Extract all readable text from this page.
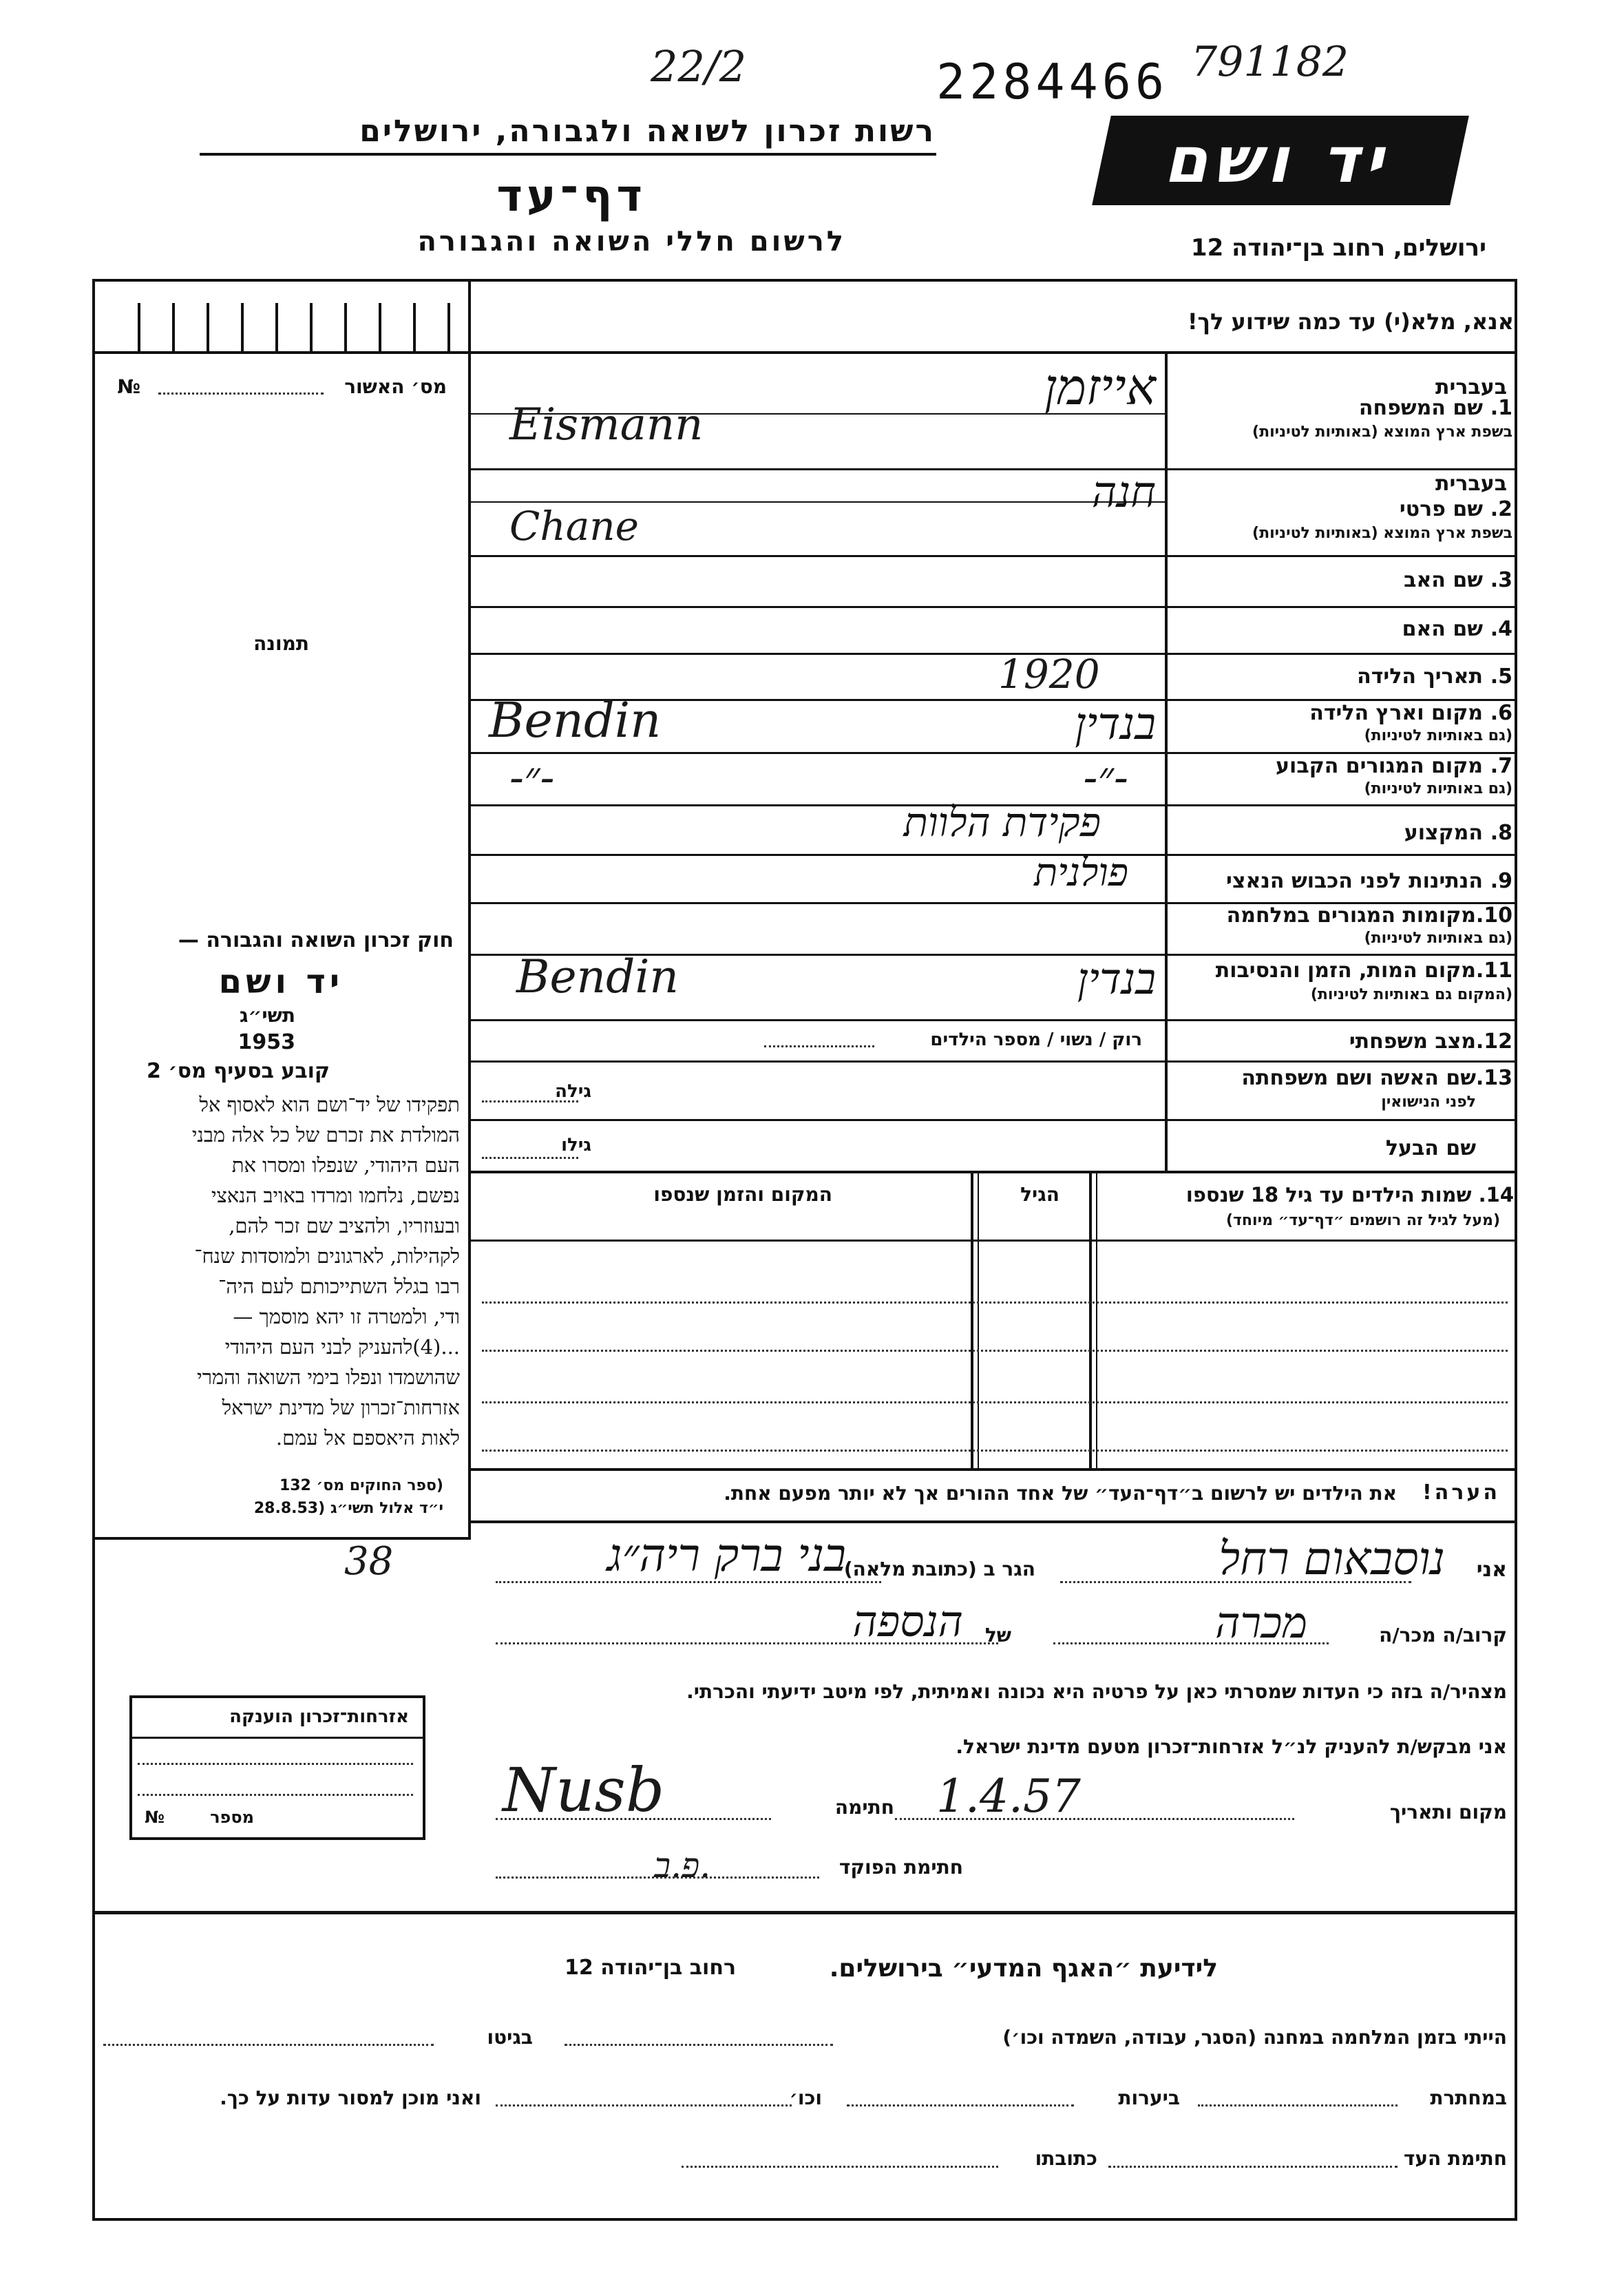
22/2	2284466 791182
רשות זכרון לשואה ולגבורה, ירושלים
דף־עד
לרשום חללי השואה והגבורה
יד ושם
ירושלים, רחוב בן־יהודה 12
אנא, מלא(י) עד כמה שידוע לך!
מס׳ האשור
№
תמונה
חוק זכרון השואה והגבורה —
יד ושם
תשי״ג
1953
קובע בסעיף מס׳ 2
תפקידו של יד־ושם הוא לאסוף אל
המולדת את זכרם של כל אלה מבני
העם היהודי, שנפלו ומסרו את
נפשם, נלחמו ומרדו באויב הנאצי
ובעוזריו, ולהציב שם זכר להם,
לקהילות, לארגונים ולמוסדות שנח־
רבו בגלל השתייכותם לעם היה־
ודי, ולמטרה זו יהא מוסמך —
...(4)להעניק לבני העם היהודי
שהושמדו ונפלו בימי השואה והמרי
אזרחות־זכרון של מדינת ישראל
לאות היאספם אל עמם.
(ספר החוקים מס׳ 132
י״ד אלול תשי״ג (28.8.53
בעברית
בעברית
1.
שם המשפחה
בשפת ארץ המוצא (באותיות לטיניות)
אייזמן
Eismann
2.
שם פרטי
בשפת ארץ המוצא (באותיות לטיניות)
חנה
Chane
3.
שם האב
4.
שם האם
5.
תאריך הלידה
1920
6.
מקום וארץ הלידה
(גם באותיות לטיניות)
בנדין
Bendin
7.
מקום המגורים הקבוע
(גם באותיות לטיניות)
-״-
-״-
8.
המקצוע
פקידת הלוות
9.
הנתינות לפני הכבוש הנאצי
פולנית
10.
מקומות המגורים במלחמה
(גם באותיות לטיניות)
11.
מקום המות, הזמן והנסיבות
(המקום גם באותיות לטיניות)
בנדין
Bendin
12.
מצב משפחתי
רוק / נשוי / מספר הילדים
13.
שם האשה ושם משפחתה
לפני הנישואין
גילה
שם הבעל
גילו
14. שמות הילדים עד גיל 18 שנספו
(מעל לגיל זה רושמים ״דף־עד״ מיוחד)
הגיל
המקום והזמן שנספו
הערה!
את הילדים יש לרשום ב״דף־העד״ של אחד ההורים אך לא יותר מפעם אחת.
אני
נוסבאום רחל
הגר ב (כתובת מלאה)
בני ברק ריה״ג
38
קרוב/ה מכר/ה
מכרה
של
הנספה
מצהיר/ה בזה כי העדות שמסרתי כאן על פרטיה היא נכונה ואמיתית, לפי מיטב ידיעתי והכרתי.
אני מבקש/ת להעניק לנ״ל אזרחות־זכרון מטעם מדינת ישראל.
מקום ותאריך
1.4.57
חתימה
Nusb
חתימת הפוקד
פ.ב.
אזרחות־זכרון הוענקה
מספר
№
לידיעת ״האגף המדעי״ בירושלים.
רחוב בן־יהודה 12
הייתי בזמן המלחמה במחנה (הסגר, עבודה, השמדה וכו׳)
בגיטו
במחתרת
ביערות
וכו׳
ואני מוכן למסור עדות על כך.
חתימת העד
כתובתו
